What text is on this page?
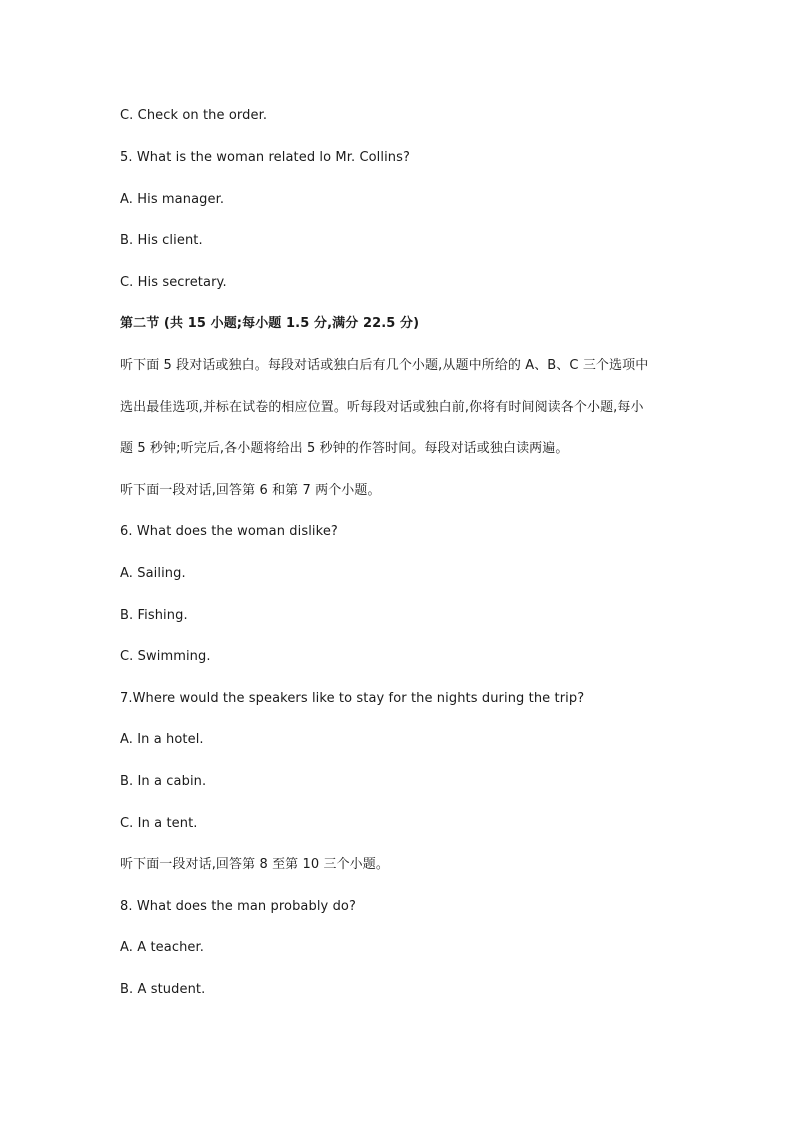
C. Check on the order.
5. What is the woman related lo Mr. Collins?
A. His manager.
B. His client.
C. His secretary.
第二节 (共 15 小题;每小题 1.5 分,满分 22.5 分)
听下面 5 段对话或独白。每段对话或独白后有几个小题,从题中所给的 A、B、C 三个选项中
选出最佳选项,并标在试卷的相应位置。听每段对话或独白前,你将有时间阅读各个小题,每小
题 5 秒钟;听完后,各小题将给出 5 秒钟的作答时间。每段对话或独白读两遍。
听下面一段对话,回答第 6 和第 7 两个小题。
6. What does the woman dislike?
A. Sailing.
B. Fishing.
C. Swimming.
7.Where would the speakers like to stay for the nights during the trip?
A. In a hotel.
B. In a cabin.
C. In a tent.
听下面一段对话,回答第 8 至第 10 三个小题。
8. What does the man probably do?
A. A teacher.
B. A student.
